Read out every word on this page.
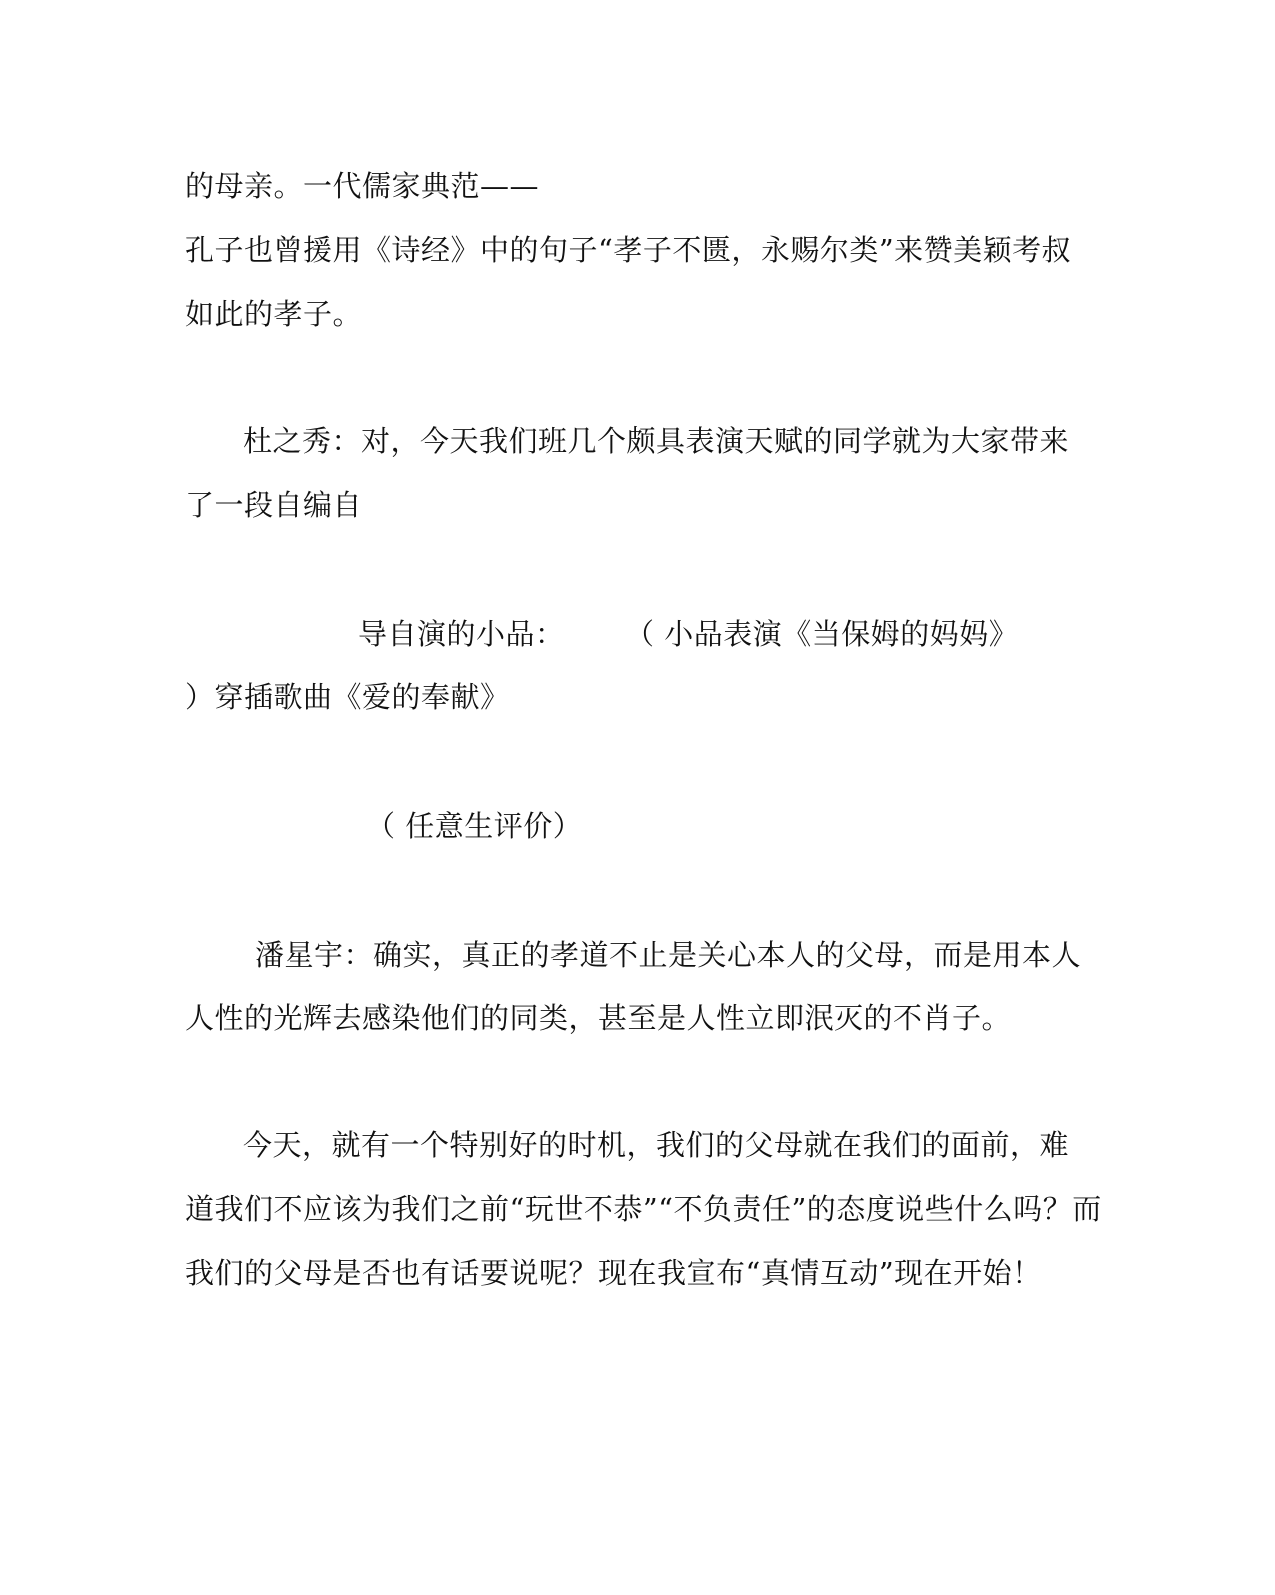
的母亲。一代儒家典范——
孔子也曾援用《诗经》中的句子“孝子不匮，永赐尔类”来赞美颖考叔
如此的孝子。
杜之秀：对，今天我们班几个颇具表演天赋的同学就为大家带来
了一段自编自
导自演的小品： （ 小品表演《当保姆的妈妈》
）穿插歌曲《爱的奉献》
（ 任意生评价）
潘星宇：确实，真正的孝道不止是关心本人的父母，而是用本人
人性的光辉去感染他们的同类，甚至是人性立即泯灭的不肖子。
今天，就有一个特别好的时机，我们的父母就在我们的面前，难
道我们不应该为我们之前“玩世不恭”“不负责任”的态度说些什么吗？而
我们的父母是否也有话要说呢？现在我宣布“真情互动”现在开始！
